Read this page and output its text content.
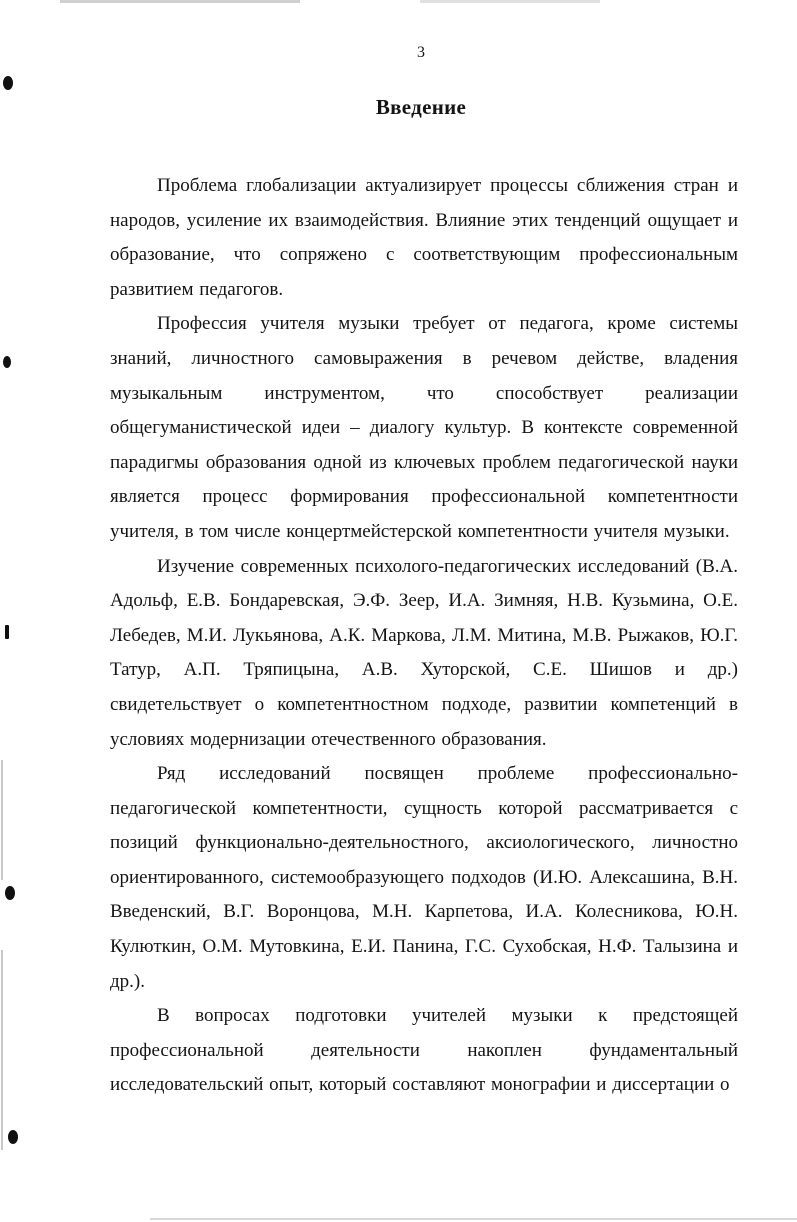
3
Введение

Проблема глобализации актуализирует процессы сближения стран и народов, усиление их взаимодействия. Влияние этих тенденций ощущает и образование, что сопряжено с соответствующим профессиональным развитием педагогов.

Профессия учителя музыки требует от педагога, кроме системы знаний, личностного самовыражения в речевом действе, владения музыкальным инструментом, что способствует реализации общегуманистической идеи – диалогу культур. В контексте современной парадигмы образования одной из ключевых проблем педагогической науки является процесс формирования профессиональной компетентности учителя, в том числе концертмейстерской компетентности учителя музыки.

Изучение современных психолого-педагогических исследований (В.А. Адольф, Е.В. Бондаревская, Э.Ф. Зеер, И.А. Зимняя, Н.В. Кузьмина, О.Е. Лебедев, М.И. Лукьянова, А.К. Маркова, Л.М. Митина, М.В. Рыжаков, Ю.Г. Татур, А.П. Тряпицына, А.В. Хуторской, С.Е. Шишов и др.) свидетельствует о компетентностном подходе, развитии компетенций в условиях модернизации отечественного образования.

Ряд исследований посвящен проблеме профессионально-педагогической компетентности, сущность которой рассматривается с позиций функционально-деятельностного, аксиологического, личностно ориентированного, системообразующего подходов (И.Ю. Алексашина, В.Н. Введенский, В.Г. Воронцова, М.Н. Карпетова, И.А. Колесникова, Ю.Н. Кулюткин, О.М. Мутовкина, Е.И. Панина, Г.С. Сухобская, Н.Ф. Талызина и др.).

В вопросах подготовки учителей музыки к предстоящей профессиональной деятельности накоплен фундаментальный исследовательский опыт, который составляют монографии и диссертации о
